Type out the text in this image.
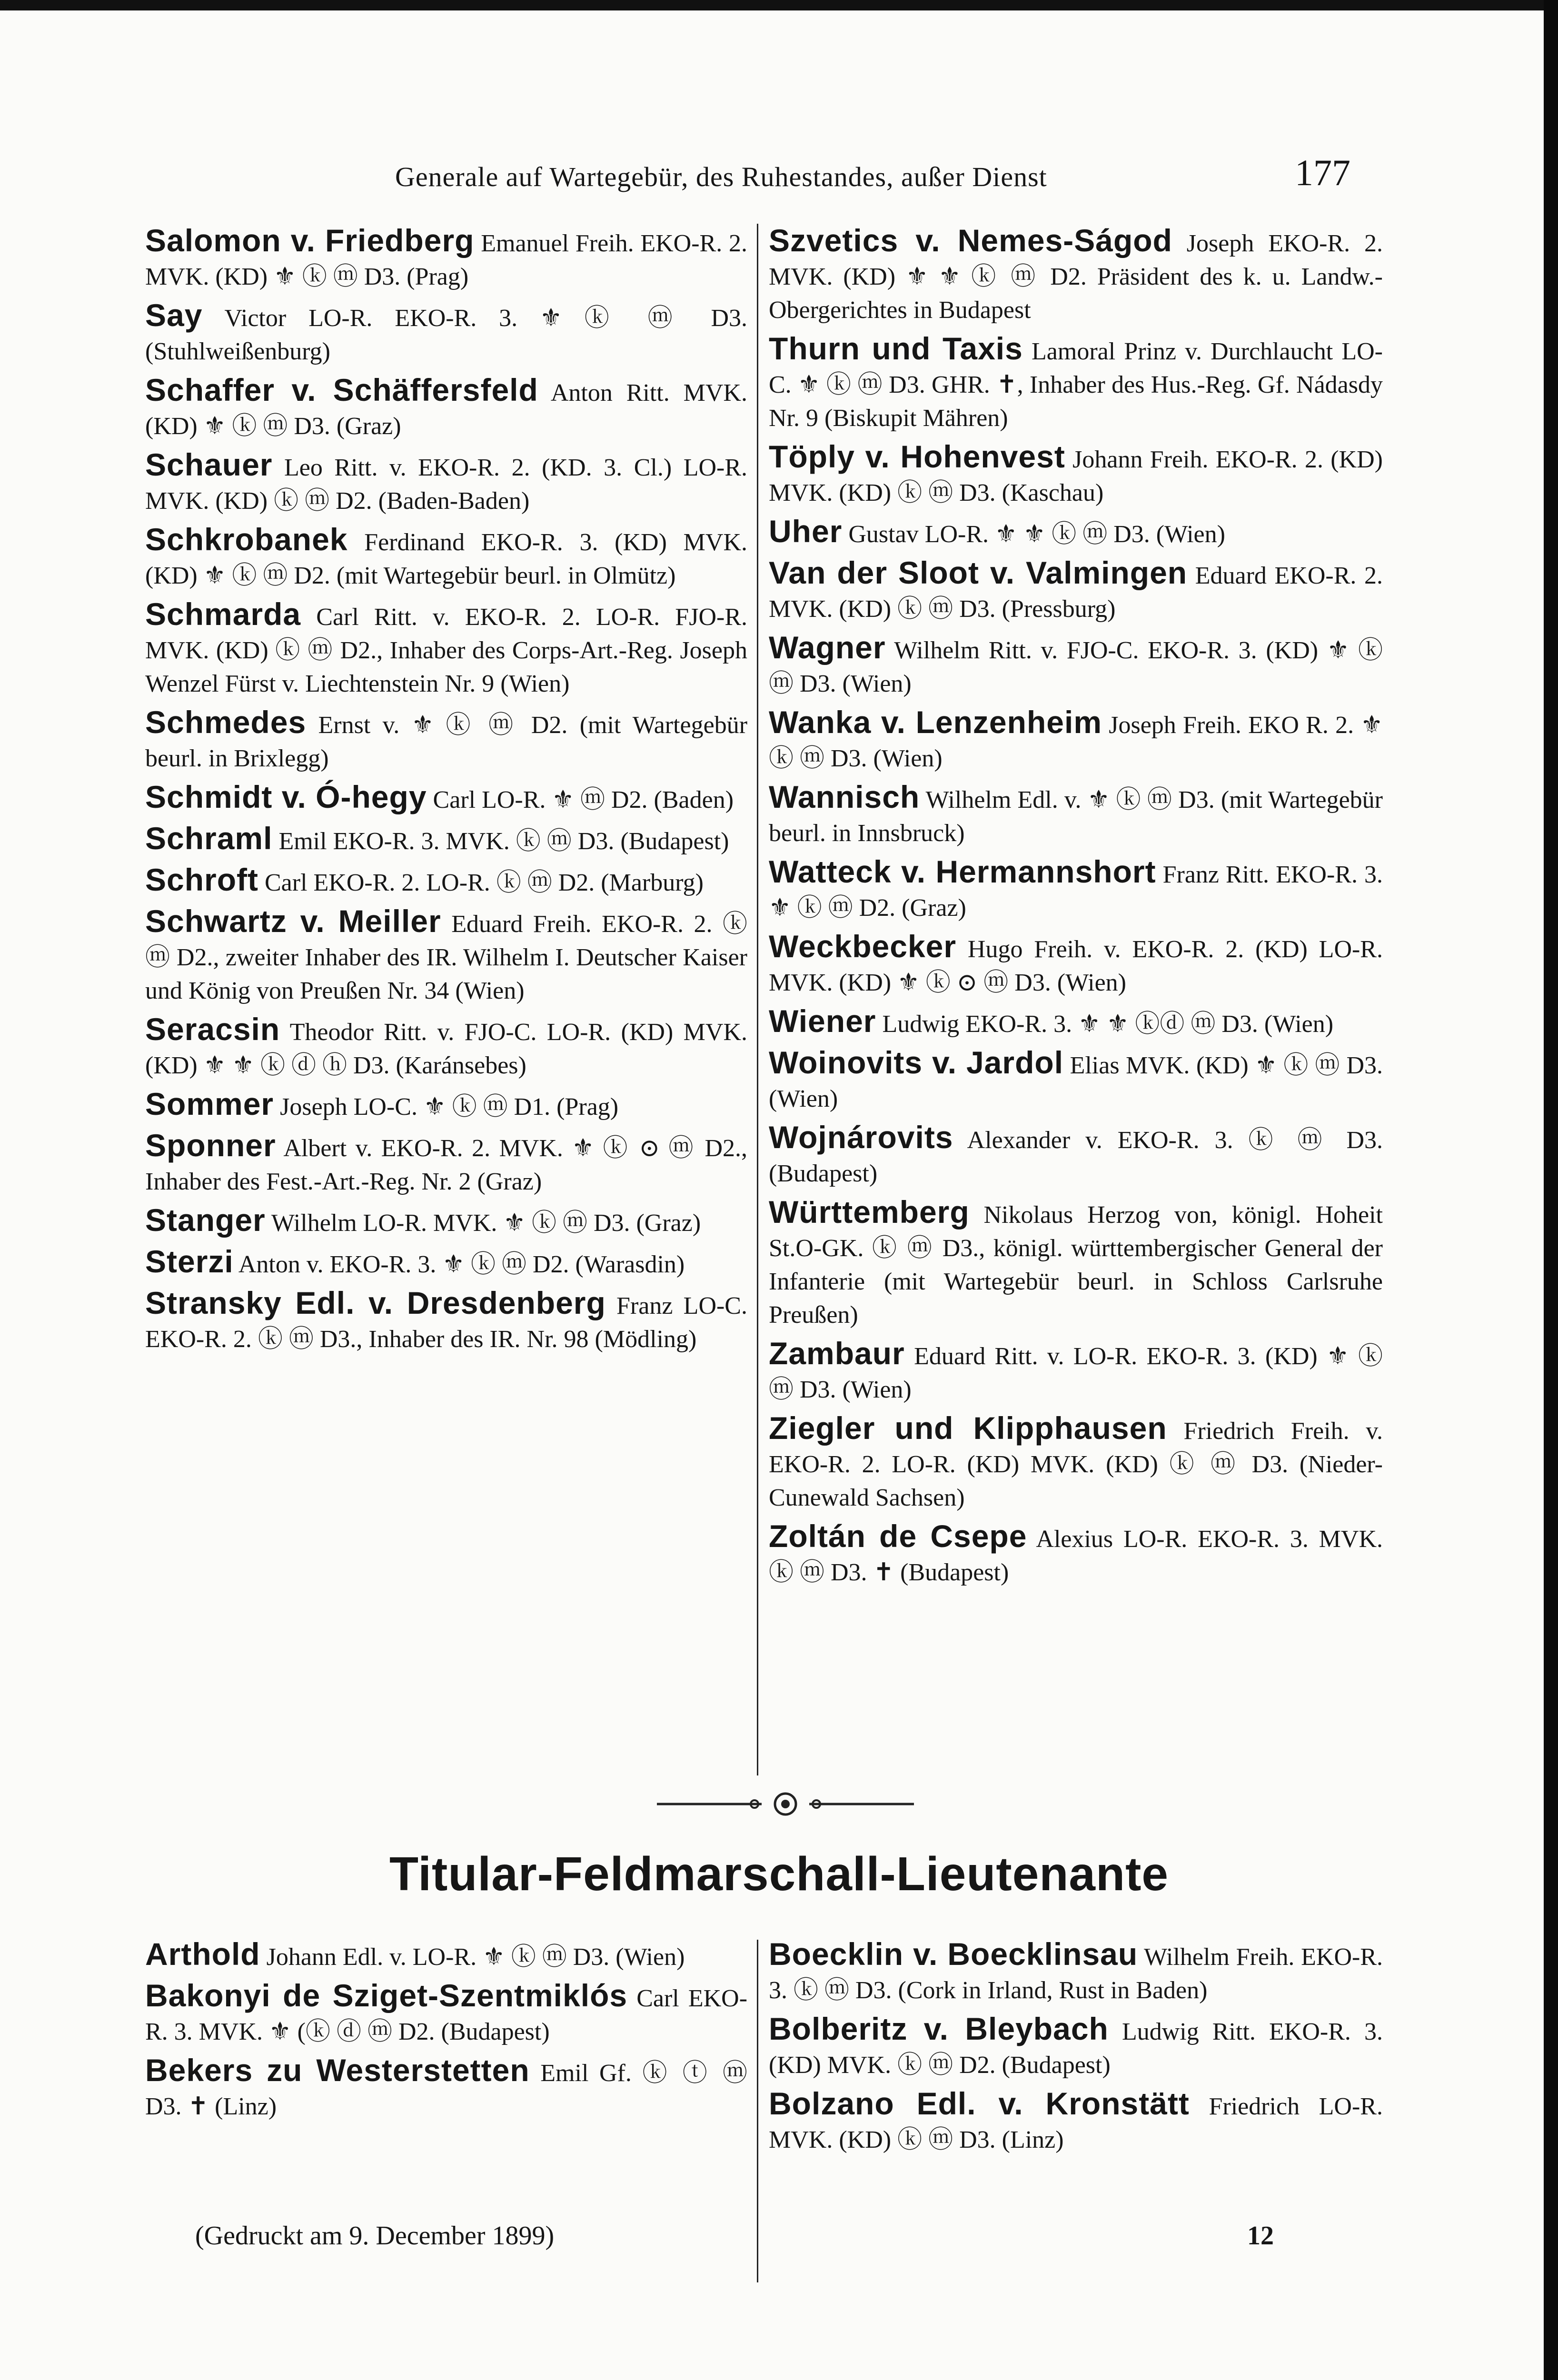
Generale auf Wartegebür, des Ruhestandes, außer Dienst	177
Salomon v. Friedberg Emanuel Freih. EKO-R. 2. MVK. (KD) ⚜ ⓚ ⓜ D3. (Prag)
Say Victor LO-R. EKO-R. 3. ⚜ ⓚ ⓜ D3. (Stuhlweißenburg)
Schaffer v. Schäffersfeld Anton Ritt. MVK. (KD) ⚜ ⓚ ⓜ D3. (Graz)
Schauer Leo Ritt. v. EKO-R. 2. (KD. 3. Cl.) LO-R. MVK. (KD) ⓚ ⓜ D2. (Baden-Baden)
Schkrobanek Ferdinand EKO-R. 3. (KD) MVK. (KD) ⚜ ⓚ ⓜ D2. (mit Wartegebür beurl. in Olmütz)
Schmarda Carl Ritt. v. EKO-R. 2. LO-R. FJO-R. MVK. (KD) ⓚ ⓜ D2., Inhaber des Corps-Art.-Reg. Joseph Wenzel Fürst v. Liechtenstein Nr. 9 (Wien)
Schmedes Ernst v. ⚜ ⓚ ⓜ D2. (mit Wartegebür beurl. in Brixlegg)
Schmidt v. Ó-hegy Carl LO-R. ⚜ ⓜ D2. (Baden)
Schraml Emil EKO-R. 3. MVK. ⓚ ⓜ D3. (Budapest)
Schroft Carl EKO-R. 2. LO-R. ⓚ ⓜ D2. (Marburg)
Schwartz v. Meiller Eduard Freih. EKO-R. 2. ⓚ ⓜ D2., zweiter Inhaber des IR. Wilhelm I. Deutscher Kaiser und König von Preußen Nr. 34 (Wien)
Seracsin Theodor Ritt. v. FJO-C. LO-R. (KD) MVK. (KD) ⚜ ⚜ ⓚ ⓓ ⓗ D3. (Karánsebes)
Sommer Joseph LO-C. ⚜ ⓚ ⓜ D1. (Prag)
Sponner Albert v. EKO-R. 2. MVK. ⚜ ⓚ ⊙ ⓜ D2., Inhaber des Fest.-Art.-Reg. Nr. 2 (Graz)
Stanger Wilhelm LO-R. MVK. ⚜ ⓚ ⓜ D3. (Graz)
Sterzi Anton v. EKO-R. 3. ⚜ ⓚ ⓜ D2. (Warasdin)
Stransky Edl. v. Dresdenberg Franz LO-C. EKO-R. 2. ⓚ ⓜ D3., Inhaber des IR. Nr. 98 (Mödling)
Szvetics v. Nemes-Ságod Joseph EKO-R. 2. MVK. (KD) ⚜ ⚜ ⓚ ⓜ D2. Präsident des k. u. Landw.-Obergerichtes in Budapest
Thurn und Taxis Lamoral Prinz v. Durchlaucht LO-C. ⚜ ⓚ ⓜ D3. GHR. ✝, Inhaber des Hus.-Reg. Gf. Nádasdy Nr. 9 (Biskupit Mähren)
Töply v. Hohenvest Johann Freih. EKO-R. 2. (KD) MVK. (KD) ⓚ ⓜ D3. (Kaschau)
Uher Gustav LO-R. ⚜ ⚜ ⓚ ⓜ D3. (Wien)
Van der Sloot v. Valmingen Eduard EKO-R. 2. MVK. (KD) ⓚ ⓜ D3. (Pressburg)
Wagner Wilhelm Ritt. v. FJO-C. EKO-R. 3. (KD) ⚜ ⓚ ⓜ D3. (Wien)
Wanka v. Lenzenheim Joseph Freih. EKO R. 2. ⚜ ⓚ ⓜ D3. (Wien)
Wannisch Wilhelm Edl. v. ⚜ ⓚ ⓜ D3. (mit Wartegebür beurl. in Innsbruck)
Watteck v. Hermannshort Franz Ritt. EKO-R. 3. ⚜ ⓚ ⓜ D2. (Graz)
Weckbecker Hugo Freih. v. EKO-R. 2. (KD) LO-R. MVK. (KD) ⚜ ⓚ ⊙ ⓜ D3. (Wien)
Wiener Ludwig EKO-R. 3. ⚜ ⚜ ⓚⓓ ⓜ D3. (Wien)
Woinovits v. Jardol Elias MVK. (KD) ⚜ ⓚ ⓜ D3. (Wien)
Wojnárovits Alexander v. EKO-R. 3. ⓚ ⓜ D3. (Budapest)
Württemberg Nikolaus Herzog von, königl. Hoheit St.O-GK. ⓚ ⓜ D3., königl. württembergischer General der Infanterie (mit Wartegebür beurl. in Schloss Carlsruhe Preußen)
Zambaur Eduard Ritt. v. LO-R. EKO-R. 3. (KD) ⚜ ⓚ ⓜ D3. (Wien)
Ziegler und Klipphausen Friedrich Freih. v. EKO-R. 2. LO-R. (KD) MVK. (KD) ⓚ ⓜ D3. (Nieder-Cunewald Sachsen)
Zoltán de Csepe Alexius LO-R. EKO-R. 3. MVK. ⓚ ⓜ D3. ✝ (Budapest)
Titular-Feldmarschall-Lieutenante
Arthold Johann Edl. v. LO-R. ⚜ ⓚ ⓜ D3. (Wien)
Bakonyi de Sziget-Szentmiklós Carl EKO-R. 3. MVK. ⚜ (ⓚ ⓓ ⓜ D2. (Budapest)
Bekers zu Westerstetten Emil Gf. ⓚ ⓣ ⓜ D3. ✝ (Linz)
Boecklin v. Boecklinsau Wilhelm Freih. EKO-R. 3. ⓚ ⓜ D3. (Cork in Irland, Rust in Baden)
Bolberitz v. Bleybach Ludwig Ritt. EKO-R. 3. (KD) MVK. ⓚ ⓜ D2. (Budapest)
Bolzano Edl. v. Kronstätt Friedrich LO-R. MVK. (KD) ⓚ ⓜ D3. (Linz)
(Gedruckt am 9. December 1899)	12
